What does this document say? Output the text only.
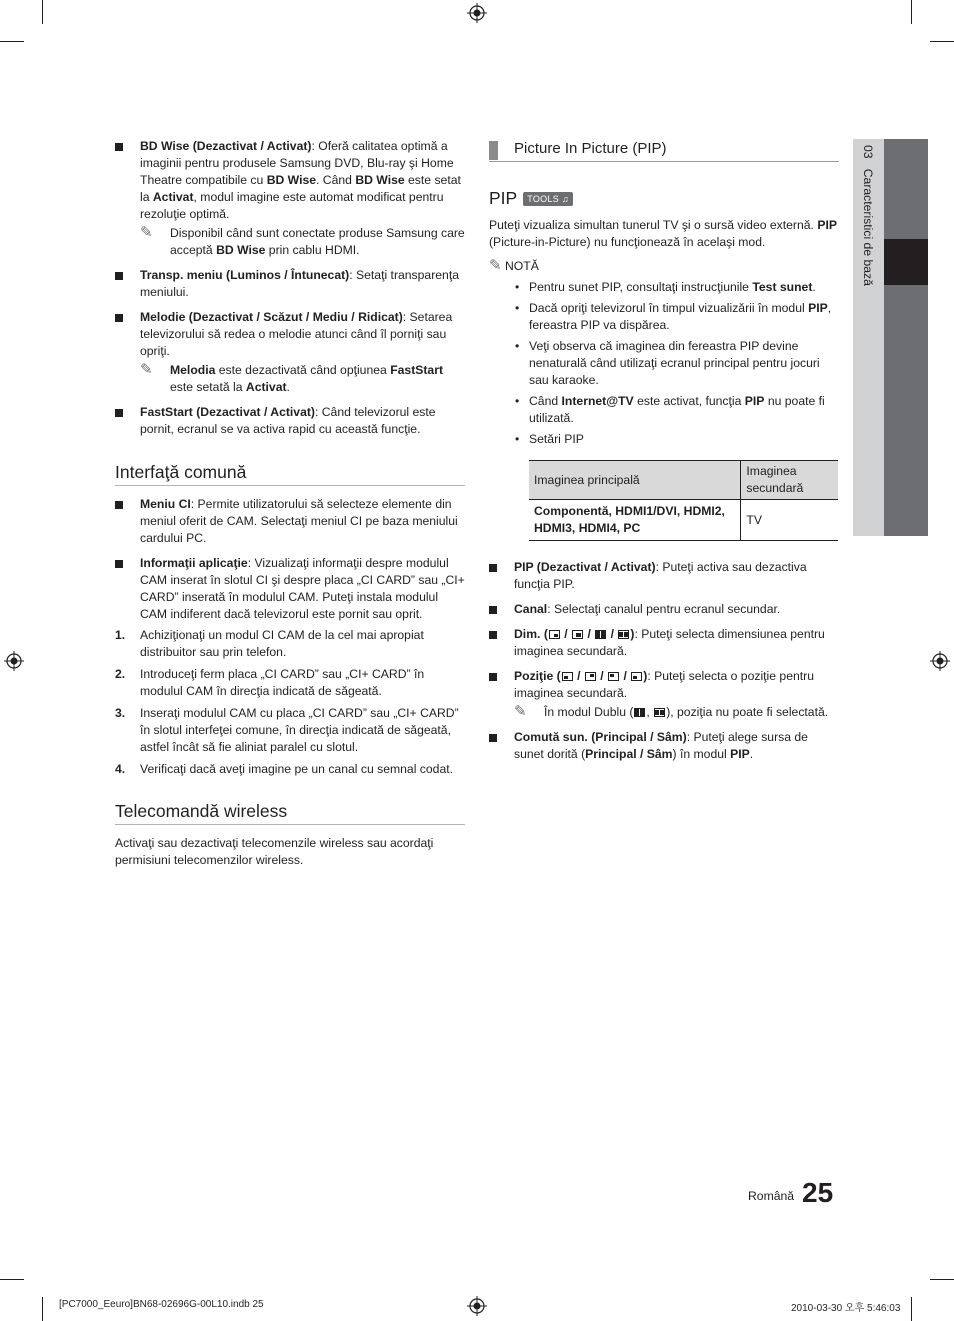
03   Caracteristici de bază
BD Wise (Dezactivat / Activat): Oferă calitatea optimă a imaginii pentru produsele Samsung DVD, Blu-ray şi Home Theatre compatibile cu BD Wise. Când BD Wise este setat la Activat, modul imagine este automat modificat pentru rezoluţie optimă.
✎ Disponibil când sunt conectate produse Samsung care acceptă BD Wise prin cablu HDMI.
Transp. meniu (Luminos / Întunecat): Setaţi transparenţa meniului.
Melodie (Dezactivat / Scăzut / Mediu / Ridicat): Setarea televizorului să redea o melodie atunci când îl porniţi sau opriţi.
✎ Melodia este dezactivată când opţiunea FastStart este setată la Activat.
FastStart (Dezactivat / Activat): Când televizorul este pornit, ecranul se va activa rapid cu această funcţie.
Interfaţă comună
Meniu CI: Permite utilizatorului să selecteze elemente din meniul oferit de CAM. Selectaţi meniul CI pe baza meniului cardului PC.
Informaţii aplicaţie: Vizualizaţi informaţii despre modulul CAM inserat în slotul CI şi despre placa „CI CARD” sau „CI+ CARD” inserată în modulul CAM. Puteţi instala modulul CAM indiferent dacă televizorul este pornit sau oprit.
1. Achiziţionaţi un modul CI CAM de la cel mai apropiat distribuitor sau prin telefon.
2. Introduceţi ferm placa „CI CARD” sau „CI+ CARD” în modulul CAM în direcţia indicată de săgeată.
3. Inseraţi modulul CAM cu placa „CI CARD” sau „CI+ CARD” în slotul interfeţei comune, în direcţia indicată de săgeată, astfel încât să fie aliniat paralel cu slotul.
4. Verificaţi dacă aveţi imagine pe un canal cu semnal codat.
Telecomandă wireless

Activaţi sau dezactivaţi telecomenzile wireless sau acordaţi permisiuni telecomenzilor wireless.

Picture In Picture (PIP)
PIP	TOOLS ♫

Puteţi vizualiza simultan tunerul TV şi o sursă video externă. PIP (Picture-in-Picture) nu funcţionează în acelaşi mod.

✎ NOTĂ
• Pentru sunet PIP, consultaţi instrucţiunile Test sunet.
• Dacă opriţi televizorul în timpul vizualizării în modul PIP, fereastra PIP va dispărea.
• Veţi observa că imaginea din fereastra PIP devine nenaturală când utilizaţi ecranul principal pentru jocuri sau karaoke.
• Când Internet@TV este activat, funcţia PIP nu poate fi utilizată.
• Setări PIP
Imaginea principală	Imaginea secundară
Componentă, HDMI1/DVI, HDMI2, HDMI3, HDMI4, PC	TV
PIP (Dezactivat / Activat): Puteţi activa sau dezactiva funcţia PIP.
Canal: Selectaţi canalul pentru ecranul secundar.
Dim. ( / / / ): Puteţi selecta dimensiunea pentru imaginea secundară.
Poziţie ( / / / ): Puteţi selecta o poziţie pentru imaginea secundară.
✎ În modul Dublu ( ,
), poziţia nu poate fi selectată.
Comută sun. (Principal / Sâm): Puteţi alege sursa de sunet dorită (Principal / Sâm) în modul PIP.
Română 25
[PC7000_Eeuro]BN68-02696G-00L10.indb 25	2010-03-30 오후 5:46:03
